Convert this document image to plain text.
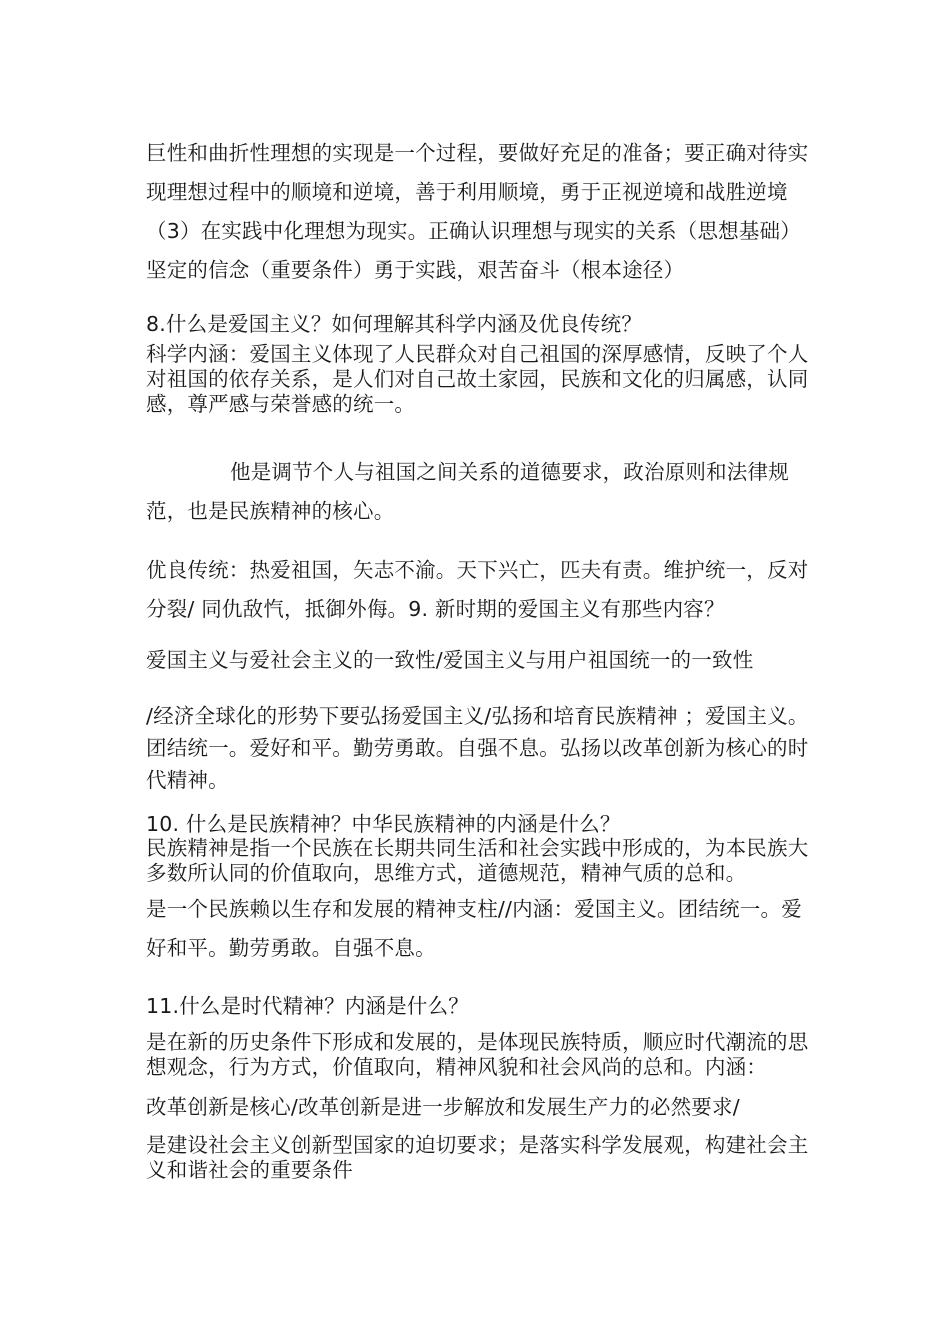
巨性和曲折性理想的实现是一个过程，要做好充足的准备；要正确对待实现理想过程中的顺境和逆境，善于利用顺境，勇于正视逆境和战胜逆境（3）在实践中化理想为现实。正确认识理想与现实的关系（思想基础）坚定的信念（重要条件）勇于实践，艰苦奋斗（根本途径）

8.什么是爱国主义？如何理解其科学内涵及优良传统？

科学内涵：爱国主义体现了人民群众对自己祖国的深厚感情，反映了个人对祖国的依存关系，是人们对自己故土家园，民族和文化的归属感，认同感，尊严感与荣誉感的统一。

他是调节个人与祖国之间关系的道德要求，政治原则和法律规范，也是民族精神的核心。

优良传统：热爱祖国，矢志不渝。天下兴亡，匹夫有责。维护统一，反对分裂/ 同仇敌忾，抵御外侮。9. 新时期的爱国主义有那些内容？

爱国主义与爱社会主义的一致性/爱国主义与用户祖国统一的一致性

/经济全球化的形势下要弘扬爱国主义/弘扬和培育民族精神 ；爱国主义。团结统一。爱好和平。勤劳勇敢。自强不息。弘扬以改革创新为核心的时代精神。

10. 什么是民族精神？中华民族精神的内涵是什么？

民族精神是指一个民族在长期共同生活和社会实践中形成的，为本民族大多数所认同的价值取向，思维方式，道德规范，精神气质的总和。

是一个民族赖以生存和发展的精神支柱//内涵：爱国主义。团结统一。爱好和平。勤劳勇敢。自强不息。

11.什么是时代精神？内涵是什么？

是在新的历史条件下形成和发展的，是体现民族特质，顺应时代潮流的思想观念，行为方式，价值取向，精神风貌和社会风尚的总和。内涵：

改革创新是核心/改革创新是进一步解放和发展生产力的必然要求/

是建设社会主义创新型国家的迫切要求；是落实科学发展观，构建社会主义和谐社会的重要条件
